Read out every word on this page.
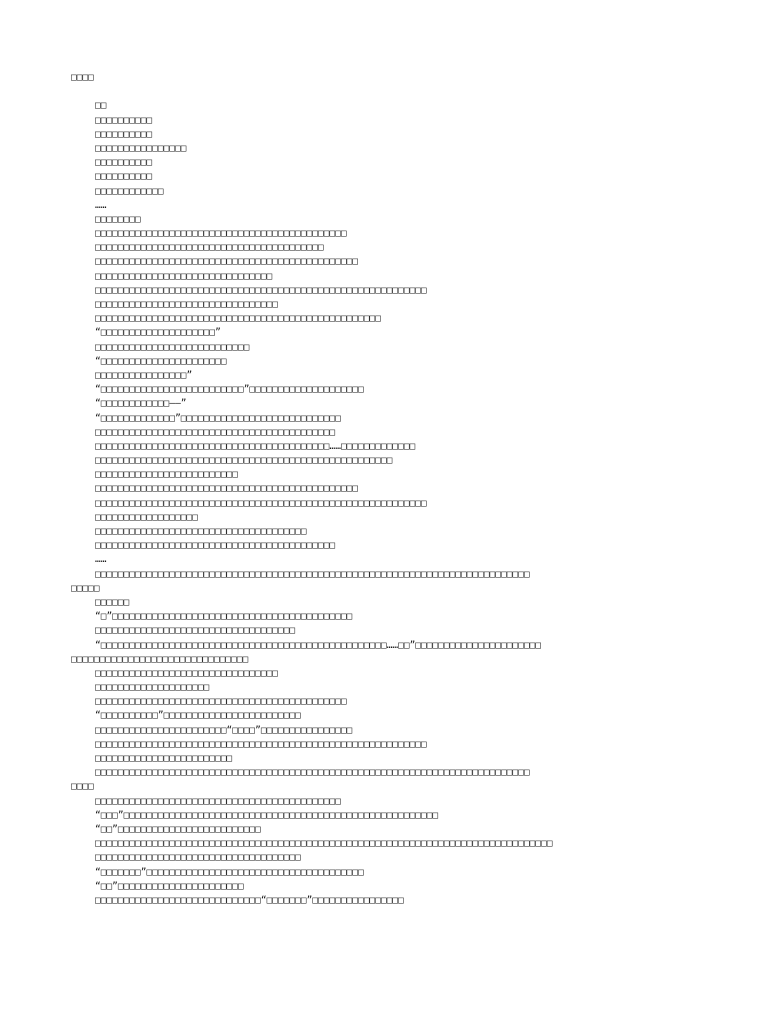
□□□□
□□
□□□□□□□□□□
□□□□□□□□□□
□□□□□□□□□□□□□□□□
□□□□□□□□□□
□□□□□□□□□□
□□□□□□□□□□□□
……
□□□□□□□□
□□□□□□□□□□□□□□□□□□□□□□□□□□□□□□□□□□□□□□□□□□□□
□□□□□□□□□□□□□□□□□□□□□□□□□□□□□□□□□□□□□□□□
□□□□□□□□□□□□□□□□□□□□□□□□□□□□□□□□□□□□□□□□□□□□□□
□□□□□□□□□□□□□□□□□□□□□□□□□□□□□□□
□□□□□□□□□□□□□□□□□□□□□□□□□□□□□□□□□□□□□□□□□□□□□□□□□□□□□□□□□□
□□□□□□□□□□□□□□□□□□□□□□□□□□□□□□□□
□□□□□□□□□□□□□□□□□□□□□□□□□□□□□□□□□□□□□□□□□□□□□□□□□□
“□□□□□□□□□□□□□□□□□□□□”
□□□□□□□□□□□□□□□□□□□□□□□□□□□
“□□□□□□□□□□□□□□□□□□□□□□
□□□□□□□□□□□□□□□□”
“□□□□□□□□□□□□□□□□□□□□□□□□□”□□□□□□□□□□□□□□□□□□□□
“□□□□□□□□□□□□——”
“□□□□□□□□□□□□□”□□□□□□□□□□□□□□□□□□□□□□□□□□□□
□□□□□□□□□□□□□□□□□□□□□□□□□□□□□□□□□□□□□□□□□□
□□□□□□□□□□□□□□□□□□□□□□□□□□□□□□□□□□□□□□□□□……□□□□□□□□□□□□□
□□□□□□□□□□□□□□□□□□□□□□□□□□□□□□□□□□□□□□□□□□□□□□□□□□□□
□□□□□□□□□□□□□□□□□□□□□□□□□
□□□□□□□□□□□□□□□□□□□□□□□□□□□□□□□□□□□□□□□□□□□□□□
□□□□□□□□□□□□□□□□□□□□□□□□□□□□□□□□□□□□□□□□□□□□□□□□□□□□□□□□□□
□□□□□□□□□□□□□□□□□□
□□□□□□□□□□□□□□□□□□□□□□□□□□□□□□□□□□□□□
□□□□□□□□□□□□□□□□□□□□□□□□□□□□□□□□□□□□□□□□□□
……
□□□□□□□□□□□□□□□□□□□□□□□□□□□□□□□□□□□□□□□□□□□□□□□□□□□□□□□□□□□□□□□□□□□□□□□□□□□□
□□□□□
□□□□□□
“□”□□□□□□□□□□□□□□□□□□□□□□□□□□□□□□□□□□□□□□□□□□
□□□□□□□□□□□□□□□□□□□□□□□□□□□□□□□□□□□
“□□□□□□□□□□□□□□□□□□□□□□□□□□□□□□□□□□□□□□□□□□□□□□□□□□……□□”□□□□□□□□□□□□□□□□□□□□□□
□□□□□□□□□□□□□□□□□□□□□□□□□□□□□□□
□□□□□□□□□□□□□□□□□□□□□□□□□□□□□□□□
□□□□□□□□□□□□□□□□□□□□
□□□□□□□□□□□□□□□□□□□□□□□□□□□□□□□□□□□□□□□□□□□□
“□□□□□□□□□□”□□□□□□□□□□□□□□□□□□□□□□□□
□□□□□□□□□□□□□□□□□□□□□□□“□□□□”□□□□□□□□□□□□□□□□
□□□□□□□□□□□□□□□□□□□□□□□□□□□□□□□□□□□□□□□□□□□□□□□□□□□□□□□□□□
□□□□□□□□□□□□□□□□□□□□□□□□
□□□□□□□□□□□□□□□□□□□□□□□□□□□□□□□□□□□□□□□□□□□□□□□□□□□□□□□□□□□□□□□□□□□□□□□□□□□□
□□□□
□□□□□□□□□□□□□□□□□□□□□□□□□□□□□□□□□□□□□□□□□□□
“□□□”□□□□□□□□□□□□□□□□□□□□□□□□□□□□□□□□□□□□□□□□□□□□□□□□□□□□□□□
“□□”□□□□□□□□□□□□□□□□□□□□□□□□□
□□□□□□□□□□□□□□□□□□□□□□□□□□□□□□□□□□□□□□□□□□□□□□□□□□□□□□□□□□□□□□□□□□□□□□□□□□□□□□□□
□□□□□□□□□□□□□□□□□□□□□□□□□□□□□□□□□□□□
“□□□□□□□”□□□□□□□□□□□□□□□□□□□□□□□□□□□□□□□□□□□□□□
“□□”□□□□□□□□□□□□□□□□□□□□□□
□□□□□□□□□□□□□□□□□□□□□□□□□□□□□“□□□□□□□”□□□□□□□□□□□□□□□□
